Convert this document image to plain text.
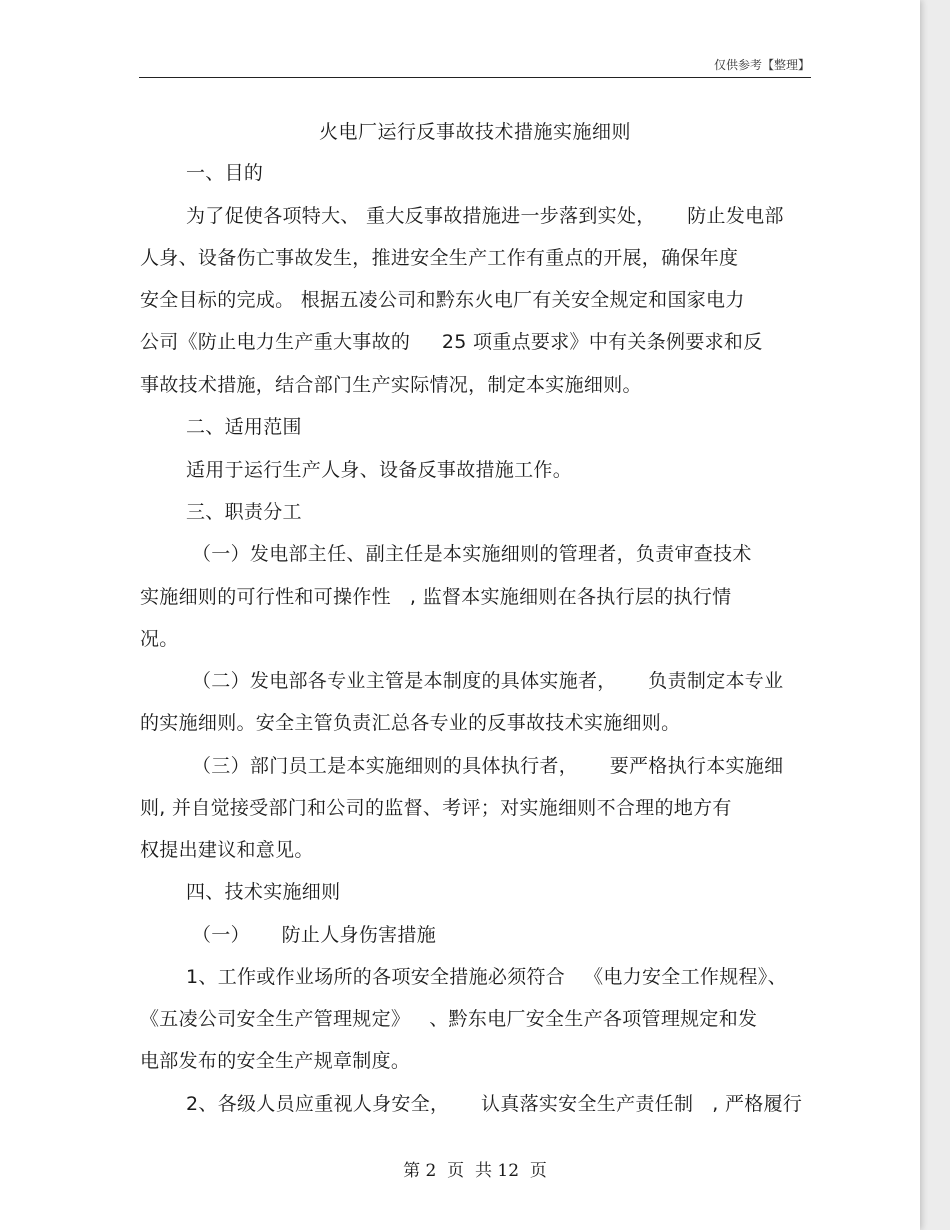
仅供参考【整理】
火电厂运行反事故技术措施实施细则
一、目的
为了促使各项特大、 重大反事故措施进一步落到实处，     防止发电部
人身、设备伤亡事故发生，推进安全生产工作有重点的开展，确保年度
安全目标的完成。 根据五凌公司和黔东火电厂有关安全规定和国家电力
公司《防止电力生产重大事故的     25 项重点要求》中有关条例要求和反
事故技术措施，结合部门生产实际情况，制定本实施细则。
二、适用范围
适用于运行生产人身、设备反事故措施工作。
三、职责分工
（一）发电部主任、副主任是本实施细则的管理者，负责审查技术
实施细则的可行性和可操作性   , 监督本实施细则在各执行层的执行情
况。
（二）发电部各专业主管是本制度的具体实施者，     负责制定本专业
的实施细则。安全主管负责汇总各专业的反事故技术实施细则。
（三）部门员工是本实施细则的具体执行者，     要严格执行本实施细
则, 并自觉接受部门和公司的监督、考评；对实施细则不合理的地方有
权提出建议和意见。
四、技术实施细则
（一）     防止人身伤害措施
1、工作或作业场所的各项安全措施必须符合   《电力安全工作规程》、
《五凌公司安全生产管理规定》   、黔东电厂安全生产各项管理规定和发
电部发布的安全生产规章制度。
2、各级人员应重视人身安全，     认真落实安全生产责任制   , 严格履行
第 2  页  共 12  页
